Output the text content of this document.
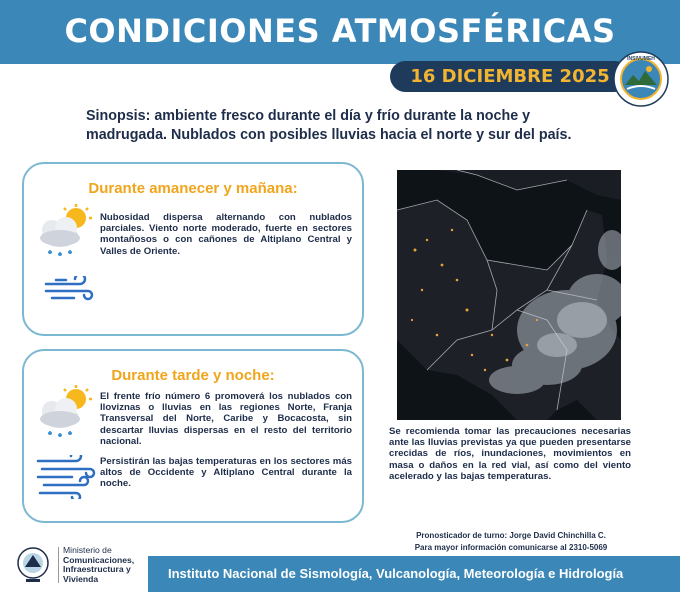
CONDICIONES ATMOSFÉRICAS
16 DICIEMBRE 2025
INSIVUMEH

Sinopsis: ambiente fresco durante el día y frío durante la noche y madrugada. Nublados con posibles lluvias hacia el norte y sur del país.

Durante amanecer y mañana:

Nubosidad dispersa alternando con nublados parciales. Viento norte moderado, fuerte en sectores montañosos o con cañones de Altiplano Central y Valles de Oriente.

Durante tarde y noche:

El frente frío número 6 promoverá los nublados con lloviznas o lluvias en las regiones Norte, Franja Transversal del Norte, Caribe y Bocacosta, sin descartar lluvias dispersas en el resto del territorio nacional.

Persistirán las bajas temperaturas en los sectores más altos de Occidente y Altiplano Central durante la noche.

Se recomienda tomar las precauciones necesarias ante las lluvias previstas ya que pueden presentarse crecidas de ríos, inundaciones, movimientos en masa o daños en la red vial, así como del viento acelerado y las bajas temperaturas.

Pronosticador de turno: Jorge David Chinchilla C.
Para mayor información comunicarse al 2310-5069
Ministerio de
Comunicaciones,
Infraestructura y
Vivienda	Instituto Nacional de Sismología, Vulcanología, Meteorología e Hidrología
